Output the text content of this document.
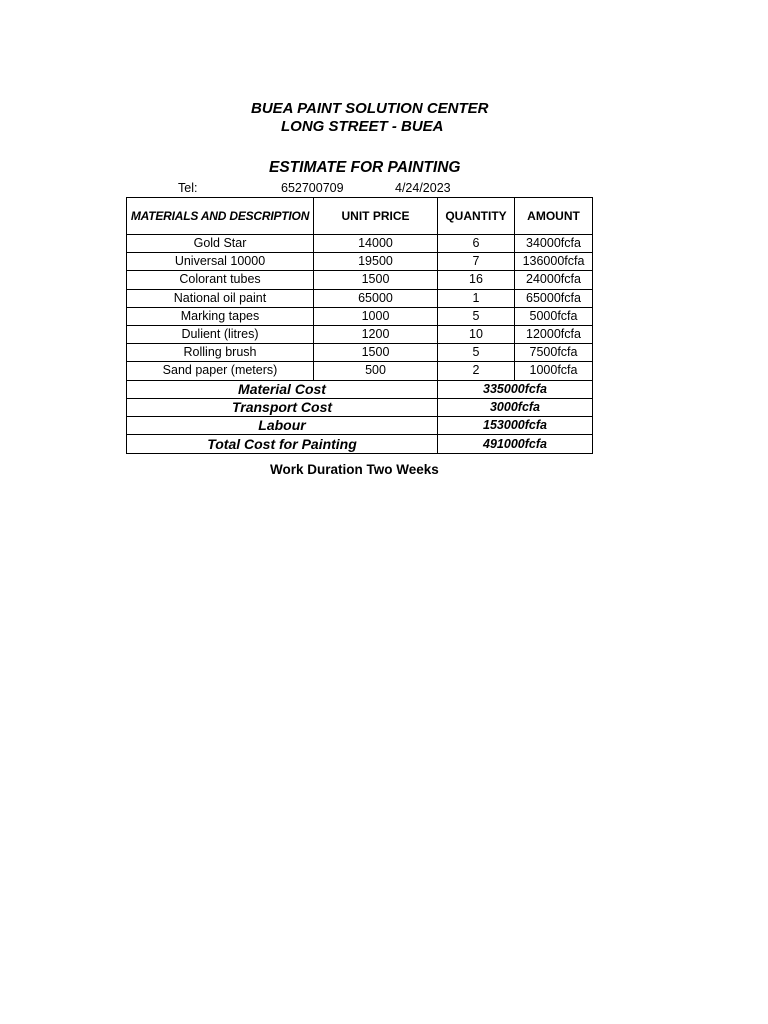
BUEA PAINT SOLUTION CENTER
LONG STREET - BUEA
ESTIMATE FOR PAINTING
Tel:	652700709	4/24/2023
MATERIALS AND DESCRIPTION	UNIT PRICE	QUANTITY	AMOUNT
Gold Star	14000	6	34000fcfa
Universal 10000	19500	7	136000fcfa
Colorant tubes	1500	16	24000fcfa
National oil paint	65000	1	65000fcfa
Marking tapes	1000	5	5000fcfa
Dulient (litres)	1200	10	12000fcfa
Rolling brush	1500	5	7500fcfa
Sand paper (meters)	500	2	1000fcfa
Material Cost		335000fcfa	
Transport Cost		3000fcfa	
Labour		153000fcfa	
Total Cost for Painting		491000fcfa	
Work Duration Two Weeks
